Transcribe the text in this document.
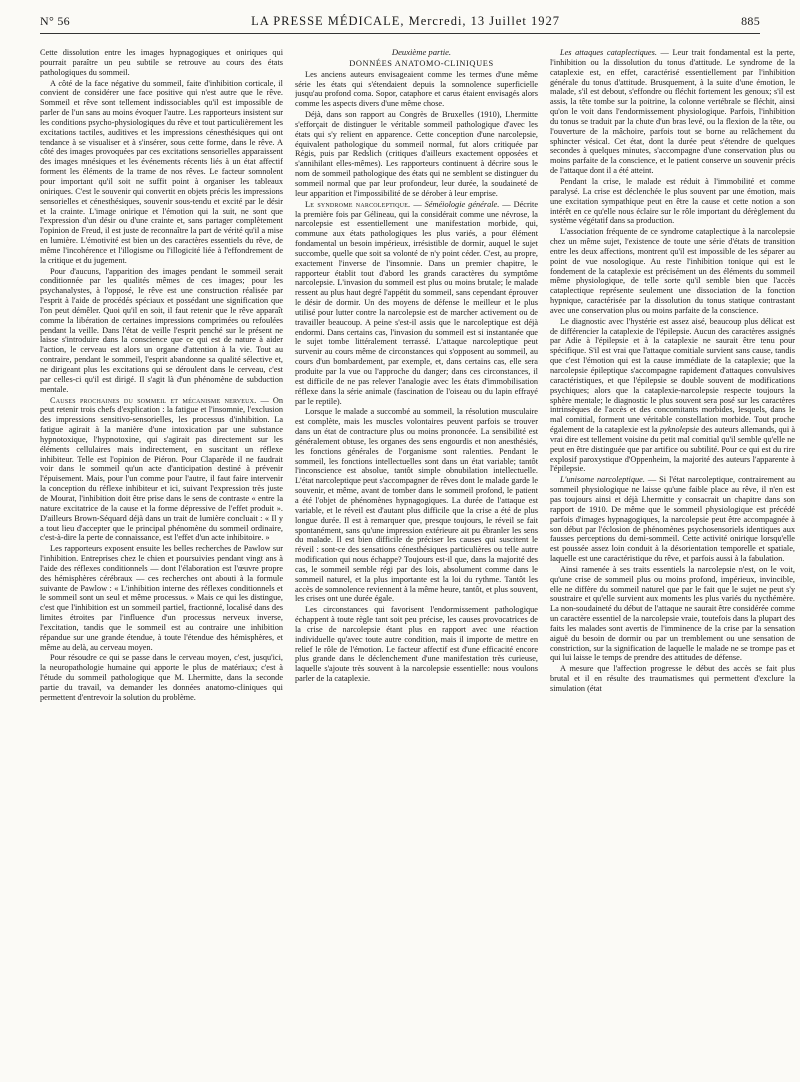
N° 56	LA PRESSE MÉDICALE, Mercredi, 13 Juillet 1927	885

Cette dissolution entre les images hypnagogiques et oniriques qui pourrait paraître un peu subtile se retrouve au cours des états pathologiques du sommeil.

A côté de la face négative du sommeil, faite d'inhibition corticale, il convient de considérer une face positive qui n'est autre que le rêve. Sommeil et rêve sont tellement indissociables qu'il est impossible de parler de l'un sans au moins évoquer l'autre. Les rapporteurs insistent sur les conditions psycho-physiologiques du rêve et tout particulièrement les excitations tactiles, auditives et les impressions cénesthésiques qui ont tendance à se visualiser et à s'insérer, sous cette forme, dans le rêve. A côté des images provoquées par ces excitations sensorielles apparaissent des images mnésiques et les événements récents liés à un état affectif forment les éléments de la trame de nos rêves. Le facteur somnolent pour important qu'il soit ne suffit point à organiser les tableaux oniriques. C'est le souvenir qui convertit en objets précis les impressions sensorielles et cénesthésiques, souvenir sous-tendu et excité par le désir et la crainte. L'image onirique et l'émotion qui la suit, ne sont que l'expression d'un désir ou d'une crainte et, sans partager complètement l'opinion de Freud, il est juste de reconnaître la part de vérité qu'il a mise en lumière. L'émotivité est bien un des caractères essentiels du rêve, de même l'incohérence et l'illogisme ou l'illogicité liée à l'effondrement de la critique et du jugement.

Pour d'aucuns, l'apparition des images pendant le sommeil serait conditionnée par les qualités mêmes de ces images; pour les psychanalystes, à l'opposé, le rêve est une construction réalisée par l'esprit à l'aide de procédés spéciaux et possédant une signification que l'on peut démêler. Quoi qu'il en soit, il faut retenir que le rêve apparaît comme la libération de certaines impressions comprimées ou refoulées pendant la veille. Dans l'état de veille l'esprit penché sur le présent ne laisse s'introduire dans la conscience que ce qui est de nature à aider l'action, le cerveau est alors un organe d'attention à la vie. Tout au contraire, pendant le sommeil, l'esprit abandonne sa qualité sélective et, ne dirigeant plus les excitations qui se déroulent dans le cerveau, c'est par celles-ci qu'il est dirigé. Il s'agit là d'un phénomène de subduction mentale.

Causes prochaines du sommeil et mécanisme nerveux. — On peut retenir trois chefs d'explication : la fatigue et l'insomnie, l'exclusion des impressions sensitivo-sensorielles, les processus d'inhibition. La fatigue agirait à la manière d'une intoxication par une substance hypnotoxique, l'hypnotoxine, qui s'agirait pas directement sur les éléments cellulaires mais indirectement, en suscitant un réflexe inhibiteur. Telle est l'opinion de Piéron. Pour Claparède il ne faudrait voir dans le sommeil qu'un acte d'anticipation destiné à prévenir l'épuisement. Mais, pour l'un comme pour l'autre, il faut faire intervenir la conception du réflexe inhibiteur et ici, suivant l'expression très juste de Mourat, l'inhibition doit être prise dans le sens de contraste « entre la nature excitatrice de la cause et la forme dépressive de l'effet produit ». D'ailleurs Brown-Séquard déjà dans un trait de lumière concluait : « Il y a tout lieu d'accepter que le principal phénomène du sommeil ordinaire, c'est-à-dire la perte de connaissance, est l'effet d'un acte inhibitoire. »

Les rapporteurs exposent ensuite les belles recherches de Pawlow sur l'inhibition. Entreprises chez le chien et poursuivies pendant vingt ans à l'aide des réflexes conditionnels — dont l'élaboration est l'œuvre propre des hémisphères cérébraux — ces recherches ont abouti à la formule suivante de Pawlow : « L'inhibition interne des réflexes conditionnels et le sommeil sont un seul et même processus. » Mais ce qui les distingue, c'est que l'inhibition est un sommeil partiel, fractionné, localisé dans des limites étroites par l'influence d'un processus nerveux inverse, l'excitation, tandis que le sommeil est au contraire une inhibition répandue sur une grande étendue, à toute l'étendue des hémisphères, et même au delà, au cerveau moyen.

Pour résoudre ce qui se passe dans le cerveau moyen, c'est, jusqu'ici, la neuropathologie humaine qui apporte le plus de matériaux; c'est à l'étude du sommeil pathologique que M. Lhermitte, dans la seconde partie du travail, va demander les données anatomo-cliniques qui permettent d'entrevoir la solution du problème.

Deuxième partie.

DONNÉES ANATOMO-CLINIQUES

Les anciens auteurs envisageaient comme les termes d'une même série les états qui s'étendaient depuis la somnolence superficielle jusqu'au profond coma. Sopor, cataphore et carus étaient envisagés alors comme les aspects divers d'une même chose.

Déjà, dans son rapport au Congrès de Bruxelles (1910), Lhermitte s'efforçait de distinguer le véritable sommeil pathologique d'avec les états qui s'y relient en apparence. Cette conception d'une narcolepsie, équivalent pathologique du sommeil normal, fut alors critiquée par Régis, puis par Redslich (critiques d'ailleurs exactement opposées et s'annihilant elles-mêmes). Les rapporteurs continuent à décrire sous le nom de sommeil pathologique des états qui ne semblent se distinguer du sommeil normal que par leur profondeur, leur durée, la soudaineté de leur apparition et l'impossibilité de se dérober à leur emprise.

Le syndrome narcoleptique. — Séméiologie générale. — Décrite la première fois par Gélineau, qui la considérait comme une névrose, la narcolepsie est essentiellement une manifestation morbide, qui, commune aux états pathologiques les plus variés, a pour élément fondamental un besoin impérieux, irrésistible de dormir, auquel le sujet succombe, quelle que soit sa volonté de n'y point céder. C'est, au propre, exactement l'inverse de l'insomnie. Dans un premier chapitre, le rapporteur établit tout d'abord les grands caractères du symptôme narcolepsie. L'invasion du sommeil est plus ou moins brutale; le malade ressent au plus haut degré l'appétit du sommeil, sans cependant éprouver le désir de dormir. Un des moyens de défense le meilleur et le plus utilisé pour lutter contre la narcolepsie est de marcher activement ou de travailler beaucoup. A peine s'est-il assis que le narcoleptique est déjà endormi. Dans certains cas, l'invasion du sommeil est si instantanée que le sujet tombe littéralement terrassé. L'attaque narcoleptique peut survenir au cours même de circonstances qui s'opposent au sommeil, au cours d'un bombardement, par exemple, et, dans certains cas, elle sera produite par la vue ou l'approche du danger; dans ces circonstances, il est difficile de ne pas relever l'analogie avec les états d'immobilisation réflexe dans la série animale (fascination de l'oiseau ou du lapin effrayé par le reptile).

Lorsque le malade a succombé au sommeil, la résolution musculaire est complète, mais les muscles volontaires peuvent parfois se trouver dans un état de contracture plus ou moins prononcée. La sensibilité est généralement obtuse, les organes des sens engourdis et non anesthésiés, les fonctions générales de l'organisme sont ralenties. Pendant le sommeil, les fonctions intellectuelles sont dans un état variable; tantôt l'inconscience est absolue, tantôt simple obnubilation intellectuelle. L'état narcoleptique peut s'accompagner de rêves dont le malade garde le souvenir, et même, avant de tomber dans le sommeil profond, le patient a été l'objet de phénomènes hypnagogiques. La durée de l'attaque est variable, et le réveil est d'autant plus difficile que la crise a été de plus longue durée. Il est à remarquer que, presque toujours, le réveil se fait spontanément, sans qu'une impression extérieure ait pu ébranler les sens du malade. Il est bien difficile de préciser les causes qui suscitent le réveil : sont-ce des sensations cénesthésiques particulières ou telle autre modification qui nous échappe? Toujours est-il que, dans la majorité des cas, le sommeil semble régi par des lois, absolument comme dans le sommeil naturel, et la plus importante est la loi du rythme. Tantôt les accès de somnolence reviennent à la même heure, tantôt, et plus souvent, les crises ont une durée égale.

Les circonstances qui favorisent l'endormissement pathologique échappent à toute règle tant soit peu précise, les causes provocatrices de la crise de narcolepsie étant plus en rapport avec une réaction individuelle qu'avec toute autre condition, mais il importe de mettre en relief le rôle de l'émotion. Le facteur affectif est d'une efficacité encore plus grande dans le déclenchement d'une manifestation très curieuse, laquelle s'ajoute très souvent à la narcolepsie essentielle: nous voulons parler de la cataplexie.

Les attaques cataplectiques. — Leur trait fondamental est la perte, l'inhibition ou la dissolution du tonus d'attitude. Le syndrome de la cataplexie est, en effet, caractérisé essentiellement par l'inhibition générale du tonus d'attitude. Brusquement, à la suite d'une émotion, le malade, s'il est debout, s'effondre ou fléchit fortement les genoux; s'il est assis, la tête tombe sur la poitrine, la colonne vertébrale se fléchit, ainsi qu'on le voit dans l'endormissement physiologique. Parfois, l'inhibition du tonus se traduit par la chute d'un bras levé, ou la flexion de la tête, ou l'ouverture de la mâchoire, parfois tout se borne au relâchement du sphincter vésical. Cet état, dont la durée peut s'étendre de quelques secondes à quelques minutes, s'accompagne d'une conservation plus ou moins parfaite de la conscience, et le patient conserve un souvenir précis de l'attaque dont il a été atteint.

Pendant la crise, le malade est réduit à l'immobilité et comme paralysé. La crise est déclenchée le plus souvent par une émotion, mais une excitation sympathique peut en être la cause et cette notion a son intérêt en ce qu'elle nous éclaire sur le rôle important du dérèglement du système végétatif dans sa production.

L'association fréquente de ce syndrome cataplectique à la narcolepsie chez un même sujet, l'existence de toute une série d'états de transition entre les deux affections, montrent qu'il est impossible de les séparer au point de vue nosologique. Au reste l'inhibition tonique qui est le fondement de la cataplexie est précisément un des éléments du sommeil même physiologique, de telle sorte qu'il semble bien que l'accès cataplectique représente seulement une dissociation de la fonction hypnique, caractérisée par la dissolution du tonus statique contrastant avec une conservation plus ou moins parfaite de la conscience.

Le diagnostic avec l'hystérie est assez aisé, beaucoup plus délicat est de différencier la cataplexie de l'épilepsie. Aucun des caractères assignés par Adie à l'épilepsie et à la cataplexie ne saurait être tenu pour spécifique. S'il est vrai que l'attaque comitiale survient sans cause, tandis que c'est l'émotion qui est la cause immédiate de la cataplexie; que la narcolepsie épileptique s'accompagne rapidement d'attaques convulsives caractéristiques, et que l'épilepsie se double souvent de modifications psychiques; alors que la cataplexie-narcolepsie respecte toujours la sphère mentale; le diagnostic le plus souvent sera posé sur les caractères intrinsèques de l'accès et des concomitants morbides, lesquels, dans le mal comitial, forment une véritable constellation morbide. Tout proche également de la cataplexie est la pyknolepsie des auteurs allemands, qui à vrai dire est tellement voisine du petit mal comitial qu'il semble qu'elle ne peut en être distinguée que par artifice ou subtilité. Pour ce qui est du rire explosif paroxystique d'Oppenheim, la majorité des auteurs l'apparente à l'épilepsie.

L'unisome narcoleptique. — Si l'état narcoleptique, contrairement au sommeil physiologique ne laisse qu'une faible place au rêve, il n'en est pas toujours ainsi et déjà Lhermitte y consacrait un chapitre dans son rapport de 1910. De même que le sommeil physiologique est précédé parfois d'images hypnagogiques, la narcolepsie peut être accompagnée à son début par l'éclosion de phénomènes psychosensoriels identiques aux fausses perceptions du demi-sommeil. Cette activité onirique lorsqu'elle est poussée assez loin conduit à la désorientation temporelle et spatiale, laquelle est une caractéristique du rêve, et parfois aussi à la fabulation.

Ainsi ramenée à ses traits essentiels la narcolepsie n'est, on le voit, qu'une crise de sommeil plus ou moins profond, impérieux, invincible, elle ne diffère du sommeil naturel que par le fait que le sujet ne peut s'y soustraire et qu'elle survient aux moments les plus variés du nycthémère. La non-soudaineté du début de l'attaque ne saurait être considérée comme un caractère essentiel de la narcolepsie vraie, toutefois dans la plupart des faits les malades sont avertis de l'imminence de la crise par la sensation aiguë du besoin de dormir ou par un tremblement ou une sensation de constriction, sur la signification de laquelle le malade ne se trompe pas et qui lui laisse le temps de prendre des attitudes de défense.

A mesure que l'affection progresse le début des accès se fait plus brutal et il en résulte des traumatismes qui permettent d'exclure la simulation (état
